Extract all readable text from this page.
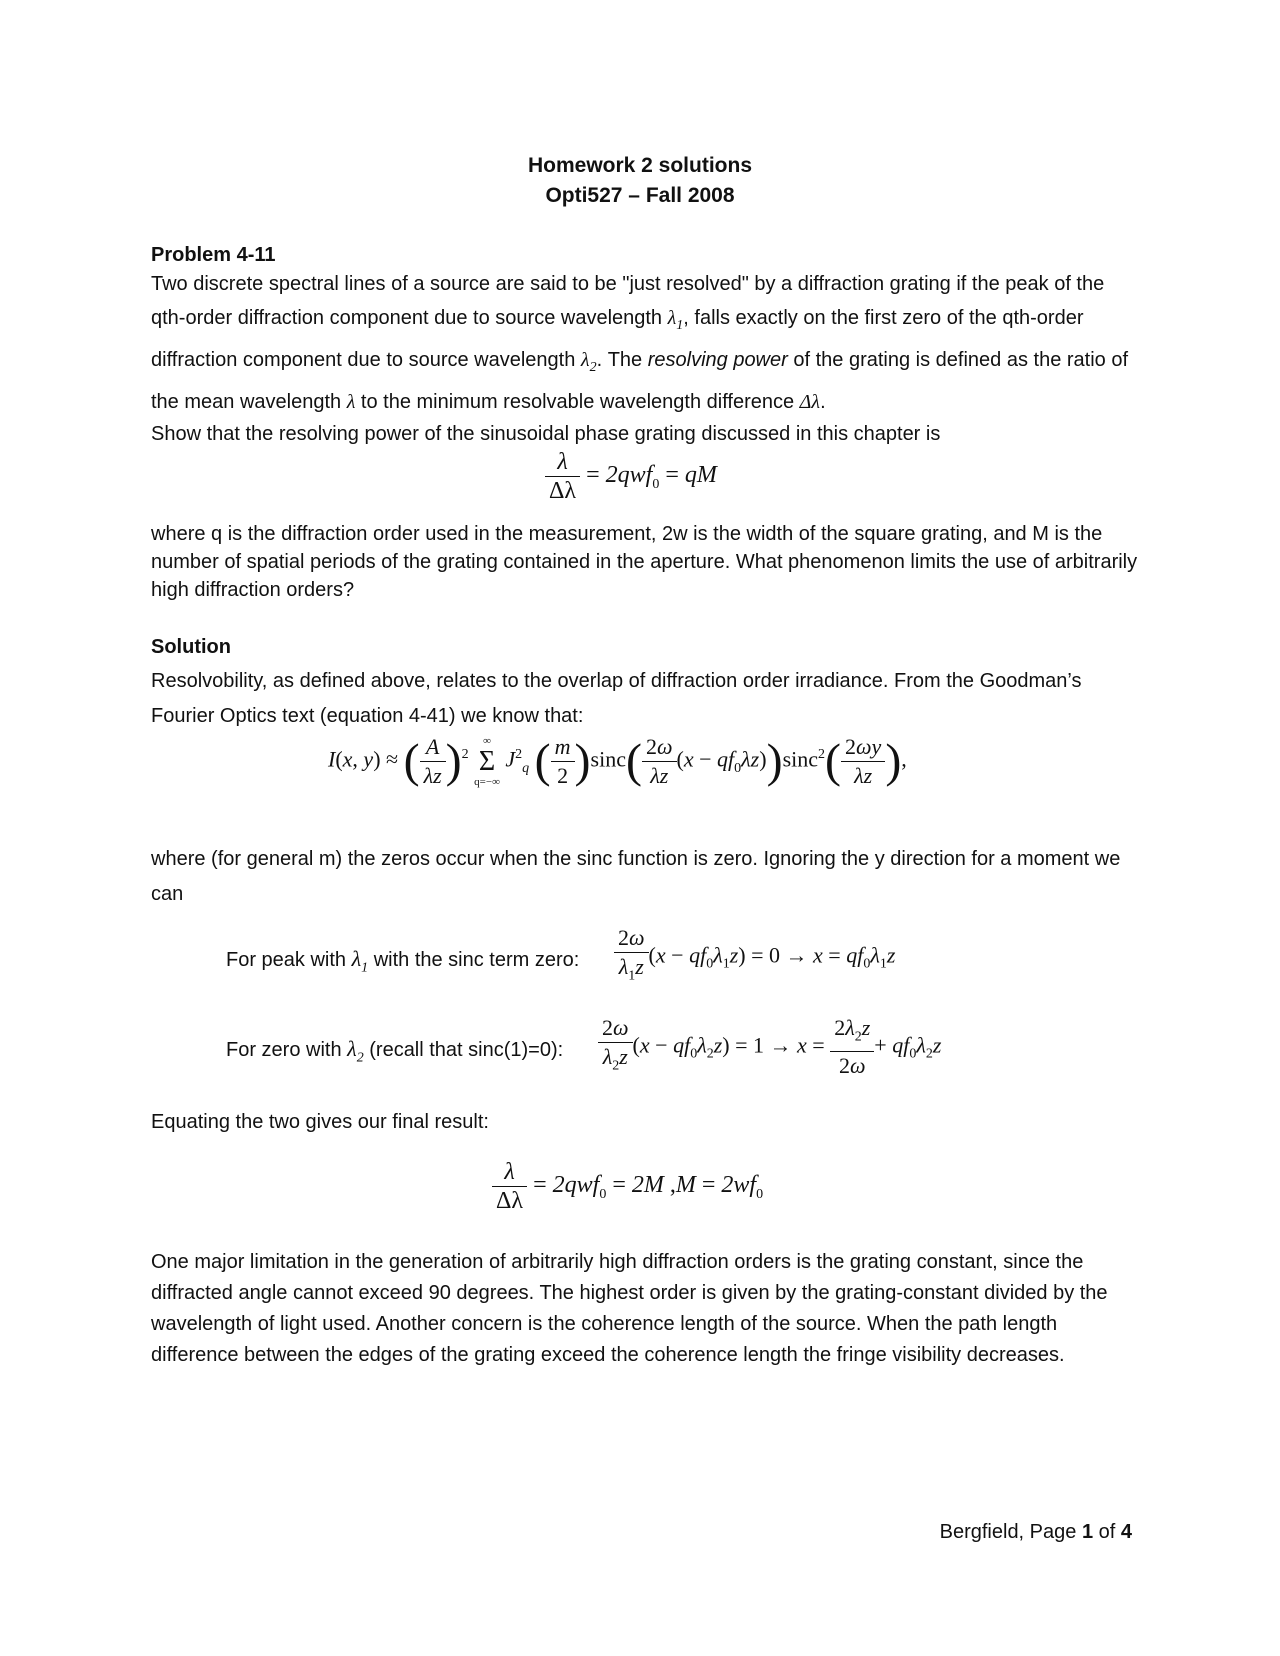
Homework 2 solutions
Opti527 – Fall 2008
Problem 4-11
Two discrete spectral lines of a source are said to be "just resolved" by a diffraction grating if the peak of the qth-order diffraction component due to source wavelength $\lambda_1$, falls exactly on the first zero of the qth-order diffraction component due to source wavelength $\lambda_2$. The resolving power of the grating is defined as the ratio of the mean wavelength λ to the minimum resolvable wavelength difference Δλ.
Show that the resolving power of the sinusoidal phase grating discussed in this chapter is
$\frac{\lambda}{\Delta\lambda} = 2qwf_0$ = qM
where q is the diffraction order used in the measurement, 2w is the width of the square grating, and M is the number of spatial periods of the grating contained in the aperture. What phenomenon limits the use of arbitrarily high diffraction orders?
Solution
Resolvobility, as defined above, relates to the overlap of diffraction order irradiance. From the Goodman’s Fourier Optics text (equation 4-41) we know that:
I(x, y) ≈ ( $\frac{A}{\lambda z} )^2$
∞
Σ
q=−∞
$J^2_q$ ( $\frac{m}{2} )\sin c( \frac{2\omega}{\lambda z} (x - qf_0\lambda z))\sin c^2( \frac{2\omega y}{\lambda z}$ ),
where (for general m) the zeros occur when the sinc function is zero. Ignoring the y direction for a moment we can
For peak with $\lambda_1$ with the sinc term zero: $\frac{2\omega}{\lambda_1z} (x - qf_0\lambda_1z) = 0 \to x = qf_0\lambda_1z$
For zero with $\lambda_2$ (recall that sinc(1)=0): $\frac{2\omega}{\lambda_2z} (x - qf_0\lambda_2z) = 1 \to x = \frac{2\lambda_2z}{2\omega} + qf_0\lambda_2z$
Equating the two gives our final result:
$\frac{\lambda}{\Delta\lambda} = 2qwf_0 = 2M$ $,M = 2wf_0$
One major limitation in the generation of arbitrarily high diffraction orders is the grating constant, since the diffracted angle cannot exceed 90 degrees. The highest order is given by the grating-constant divided by the wavelength of light used. Another concern is the coherence length of the source. When the path length difference between the edges of the grating exceed the coherence length the fringe visibility decreases.
Bergfield, Page 1 of 4
